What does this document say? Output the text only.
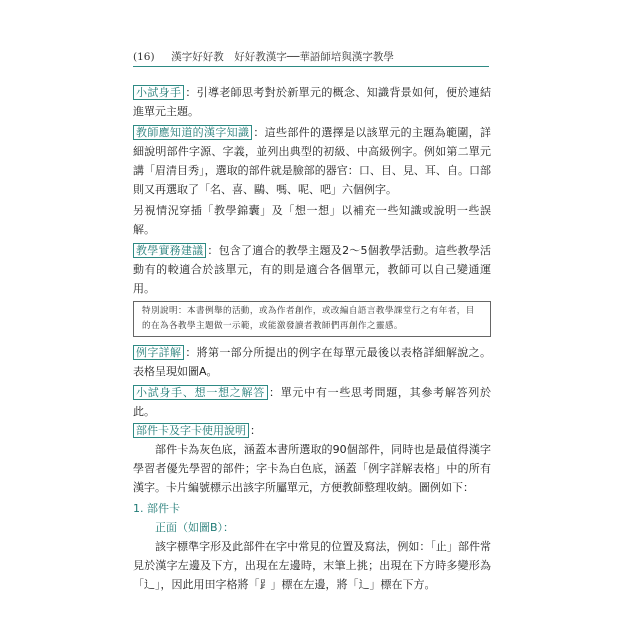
(16) 漢字好好教　好好教漢字──華語師培與漢字教學

小試身手 ：引導老師思考對於新單元的概念、知識背景如何，便於連結進單元主題。

教師應知道的漢字知識 ：這些部件的選擇是以該單元的主題為範圍，詳細說明部件字源、字義，並列出典型的初級、中高級例字。例如第二單元講「眉清目秀」，選取的部件就是臉部的器官：口、目、見、耳、自。口部則又再選取了「名、喜、鷗、嗎、呢、吧」六個例字。

另視情況穿插「教學錦囊」及「想一想」以補充一些知識或說明一些誤解。

教學實務建議 ：包含了適合的教學主題及2～5個教學活動。這些教學活動有的較適合於該單元，有的則是適合各個單元，教師可以自己變通運用。

特別說明：本書例舉的活動，或為作者創作，或改編自語言教學課堂行之有年者，目的在為各教學主題做一示範，或能激發讀者教師們再創作之靈感。

例字詳解 ：將第一部分所提出的例字在每單元最後以表格詳細解說之。表格呈現如圖A。

小試身手、想一想之解答 ：單元中有一些思考問題，其參考解答列於此。

部件卡及字卡使用說明 ：

部件卡為灰色底，涵蓋本書所選取的90個部件，同時也是最值得漢字學習者優先學習的部件；字卡為白色底，涵蓋「例字詳解表格」中的所有漢字。卡片編號標示出該字所屬單元，方便教師整理收納。圖例如下：

1. 部件卡

正面（如圖B）：

該字標準字形及此部件在字中常見的位置及寫法，例如：「止」部件常見於漢字左邊及下方，出現在左邊時，末筆上挑；出現在下方時多變形為「⻌」，因此用田字格將「⻊」標在左邊，將「⻌」標在下方。
